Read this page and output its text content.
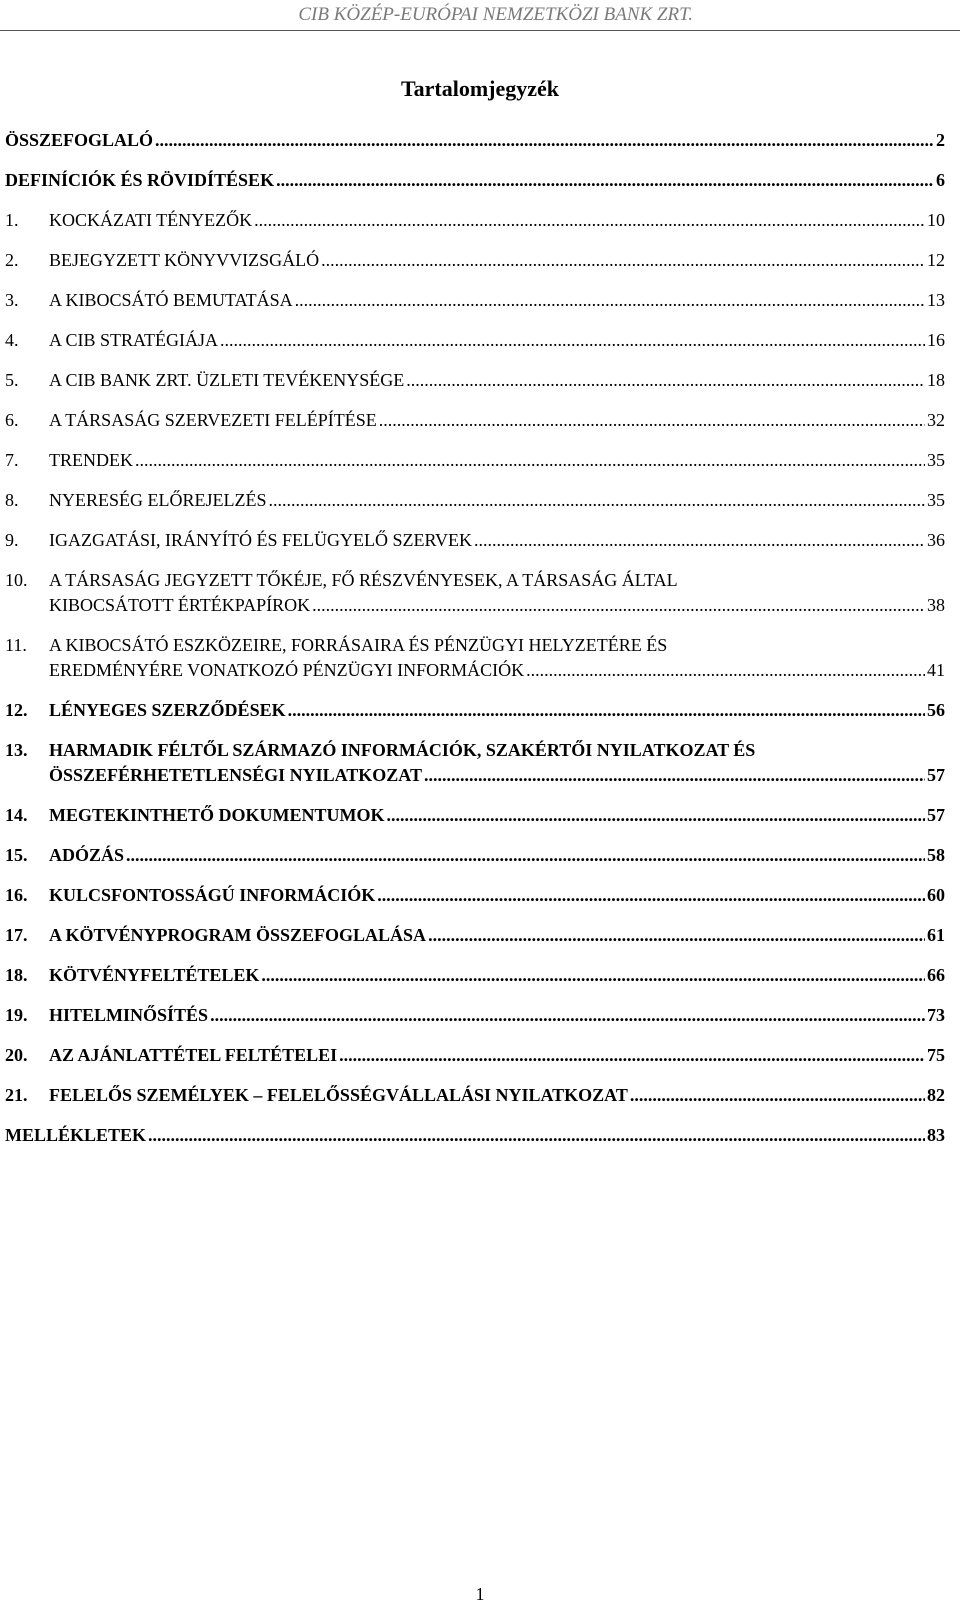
CIB KÖZÉP-EURÓPAI NEMZETKÖZI BANK ZRT.
Tartalomjegyzék
ÖSSZEFOGLALÓ .....	2
DEFINÍCIÓK ÉS RÖVIDÍTÉSEK .....	6
1. KOCKÁZATI TÉNYEZŐK .....	10
2. BEJEGYZETT KÖNYVVIZSGÁLÓ .....	12
3. A KIBOCSÁTÓ BEMUTATÁSA .....	13
4. A CIB STRATÉGIÁJA .....	16
5. A CIB BANK ZRT. ÜZLETI TEVÉKENYSÉGE .....	18
6. A TÁRSASÁG SZERVEZETI FELÉPÍTÉSE .....	32
7. TRENDEK .....	35
8. NYERESÉG ELŐREJELZÉS .....	35
9. IGAZGATÁSI, IRÁNYÍTÓ ÉS FELÜGYELŐ SZERVEK .....	36
10. A TÁRSASÁG JEGYZETT TŐKÉJE, FŐ RÉSZVÉNYESEK, A TÁRSASÁG ÁLTAL
KIBOCSÁTOTT ÉRTÉKPAPÍROK .....	38
11. A KIBOCSÁTÓ ESZKÖZEIRE, FORRÁSAIRA ÉS PÉNZÜGYI HELYZETÉRE ÉS
EREDMÉNYÉRE VONATKOZÓ PÉNZÜGYI INFORMÁCIÓK .....	41
12. LÉNYEGES SZERZŐDÉSEK .....	56
13. HARMADIK FÉLTŐL SZÁRMAZÓ INFORMÁCIÓK, SZAKÉRTŐI NYILATKOZAT ÉS
ÖSSZEFÉRHETETLENSÉGI NYILATKOZAT .....	57
14. MEGTEKINTHETŐ DOKUMENTUMOK .....	57
15. ADÓZÁS .....	58
16. KULCSFONTOSSÁGÚ INFORMÁCIÓK .....	60
17. A KÖTVÉNYPROGRAM ÖSSZEFOGLALÁSA .....	61
18. KÖTVÉNYFELTÉTELEK .....	66
19. HITELMINŐSÍTÉS .....	73
20. AZ AJÁNLATTÉTEL FELTÉTELEI .....	75
21. FELELŐS SZEMÉLYEK – FELELŐSSÉGVÁLLALÁSI NYILATKOZAT .....	82
MELLÉKLETEK .....	83
1
